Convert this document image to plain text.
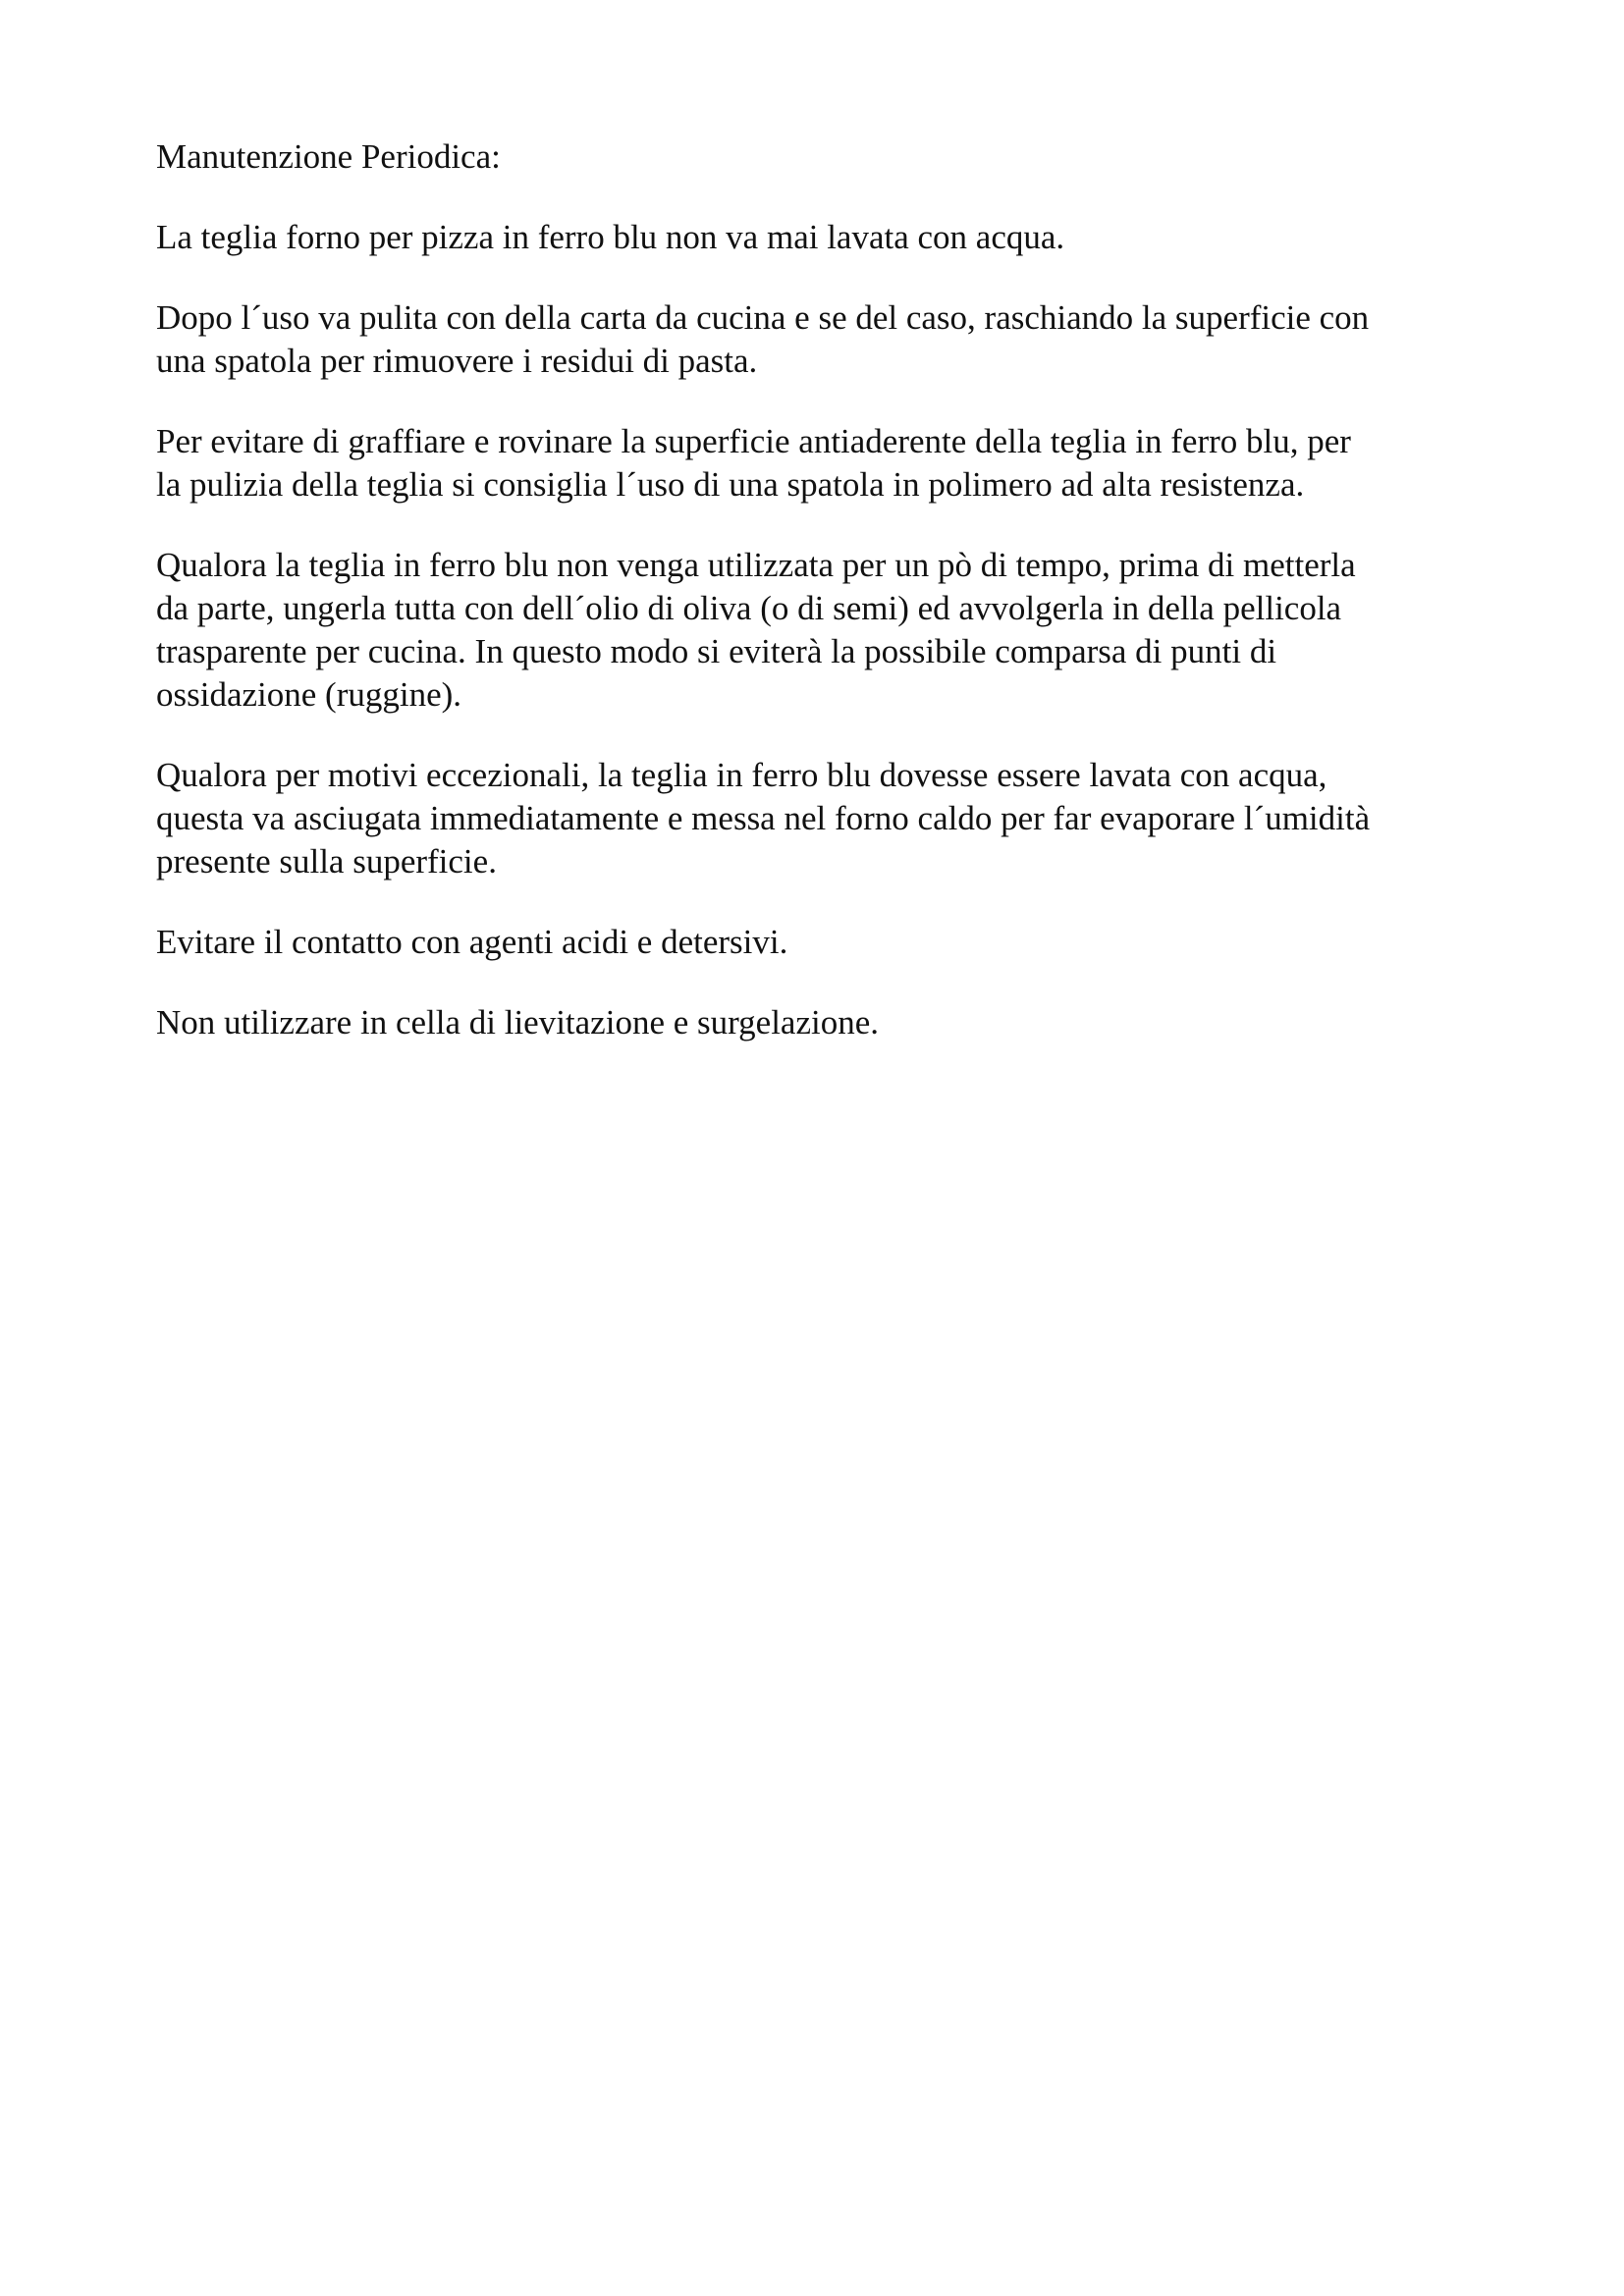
Manutenzione Periodica:

La teglia forno per pizza in ferro blu non va mai lavata con acqua.

Dopo l´uso va pulita con della carta da cucina e se del caso, raschiando la superficie con
una spatola per rimuovere i residui di pasta.

Per evitare di graffiare e rovinare la superficie antiaderente della teglia in ferro blu, per
la pulizia della teglia si consiglia l´uso di una spatola in polimero ad alta resistenza.

Qualora la teglia in ferro blu non venga utilizzata per un pò di tempo, prima di metterla
da parte, ungerla tutta con dell´olio di oliva (o di semi) ed avvolgerla in della pellicola
trasparente per cucina. In questo modo si eviterà la possibile comparsa di punti di
ossidazione (ruggine).

Qualora per motivi eccezionali, la teglia in ferro blu dovesse essere lavata con acqua,
questa va asciugata immediatamente e messa nel forno caldo per far evaporare l´umidità
presente sulla superficie.

Evitare il contatto con agenti acidi e detersivi.

Non utilizzare in cella di lievitazione e surgelazione.
